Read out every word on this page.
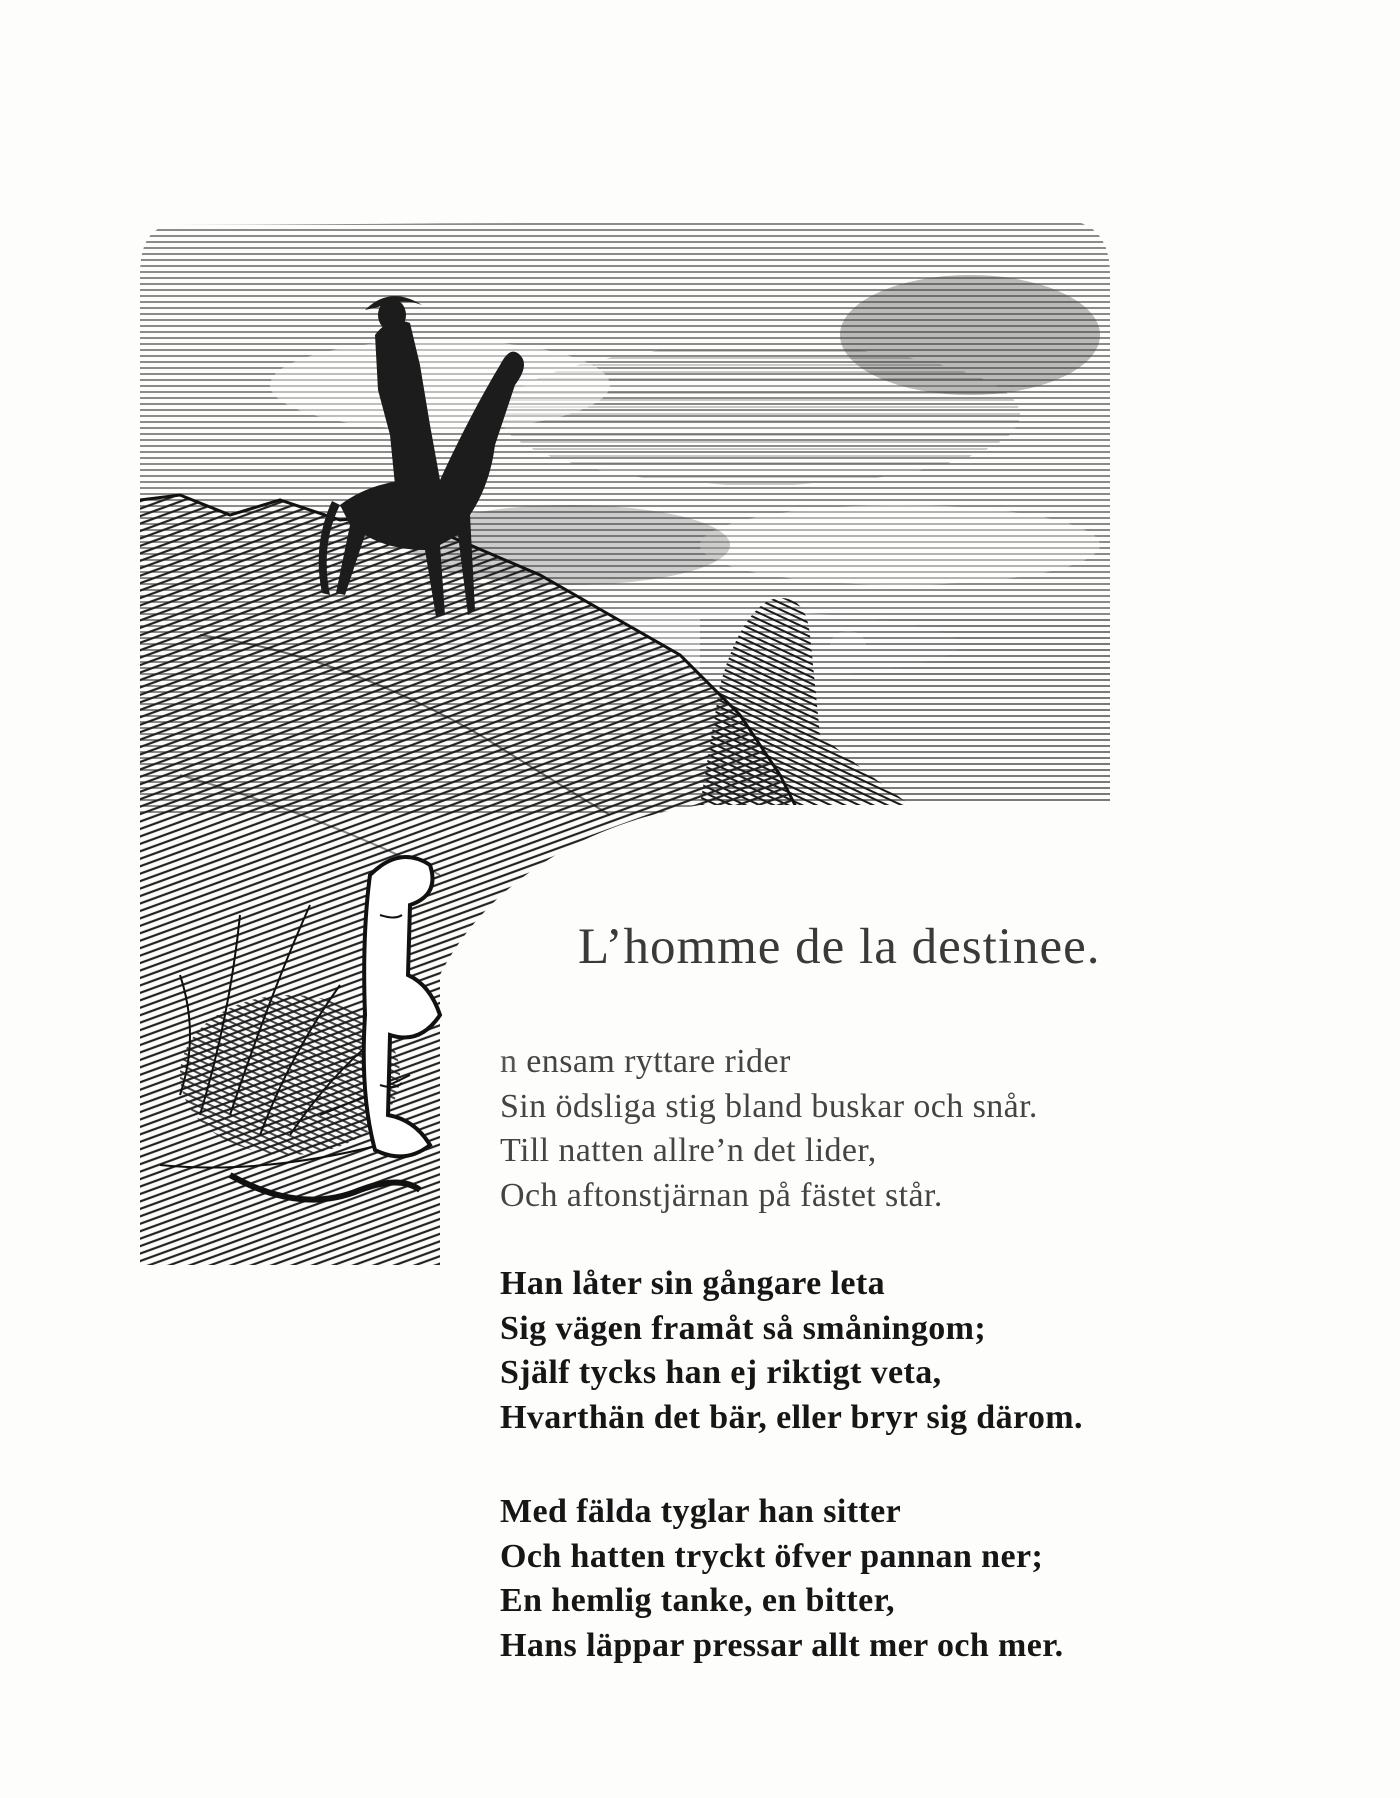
L’homme de la destinee.
n ensam ryttare rider
Sin ödsliga stig bland buskar och snår.
Till natten allre’n det lider,
Och aftonstjärnan på fästet står.
Han låter sin gångare leta
Sig vägen framåt så småningom;
Själf tycks han ej riktigt veta,
Hvarthän det bär, eller bryr sig därom.
Med fälda tyglar han sitter
Och hatten tryckt öfver pannan ner;
En hemlig tanke, en bitter,
Hans läppar pressar allt mer och mer.
